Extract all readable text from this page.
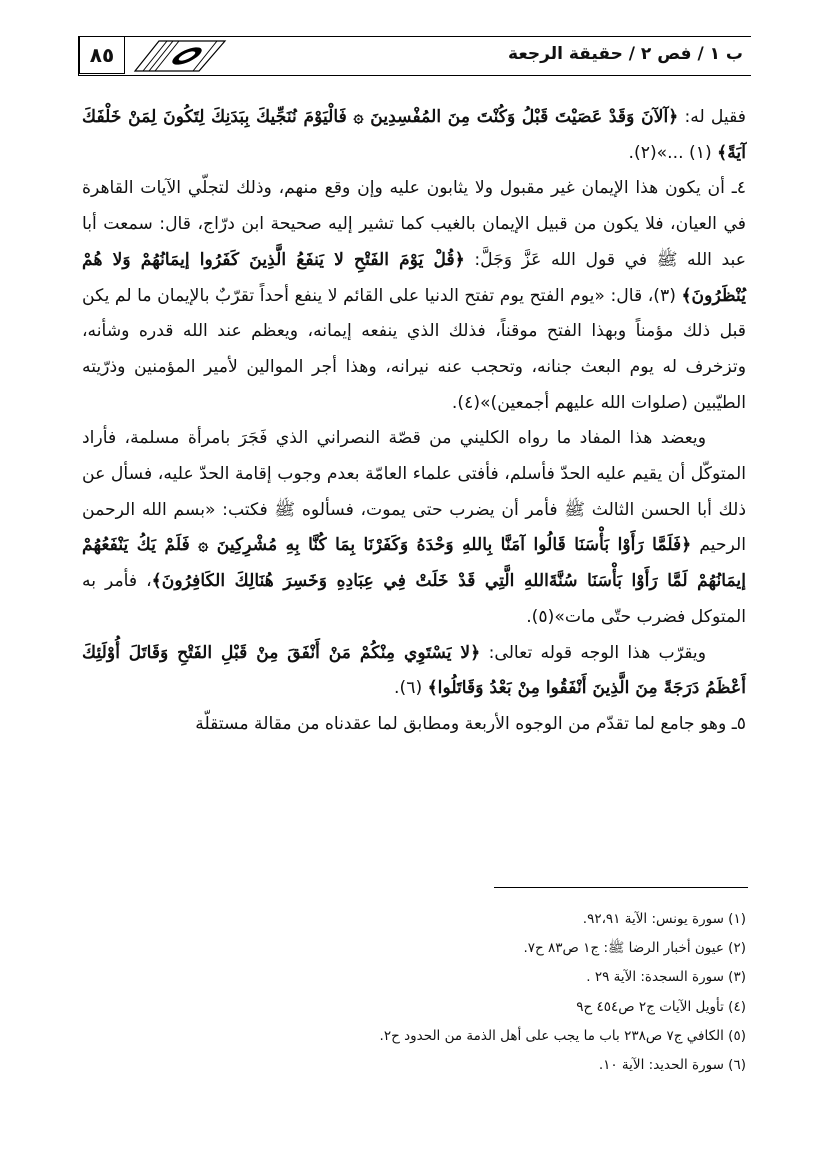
ب ١ / فص ٢ / حقيقة الرجعة
٨٥

فقيل له: ﴿آلآنَ وَقَدْ عَصَيْتَ قَبْلُ وَكُنْتَ مِنَ المُفْسِدِينَ ۞ فَالْيَوْمَ نُنَجِّيكَ بِبَدَنِكَ لِتَكُونَ لِمَنْ خَلْفَكَ آيَةً﴾ (١) ...»(٢).

٤ـ أن يكون هذا الإيمان غير مقبول ولا يثابون عليه وإن وقع منهم، وذلك لتجلّي الآيات القاهرة في العيان، فلا يكون من قبيل الإيمان بالغيب كما تشير إليه صحيحة ابن درّاج، قال: سمعت أبا عبد الله ﷺ في قول الله عَزَّ وَجَلَّ: ﴿قُلْ يَوْمَ الفَتْحِ لا يَنفَعُ الَّذِينَ كَفَرُوا إيمَانُهُمْ وَلا هُمْ يُنْظَرُونَ﴾ (٣)، قال: «يوم الفتح يوم تفتح الدنيا على القائم لا ينفع أحداً تقرّبٌ بالإيمان ما لم يكن قبل ذلك مؤمناً وبهذا الفتح موقناً، فذلك الذي ينفعه إيمانه، ويعظم عند الله قدره وشأنه، وتزخرف له يوم البعث جنانه، وتحجب عنه نيرانه، وهذا أجر الموالين لأمير المؤمنين وذرّيته الطيّبين (صلوات الله عليهم أجمعين)»(٤).

ويعضد هذا المفاد ما رواه الكليني من قصّة النصراني الذي فَجَرَ بامرأة مسلمة، فأراد المتوكّل أن يقيم عليه الحدّ فأسلم، فأفتى علماء العامّة بعدم وجوب إقامة الحدّ عليه، فسأل عن ذلك أبا الحسن الثالث ﷺ فأمر أن يضرب حتى يموت، فسألوه ﷺ فكتب: «بسم الله الرحمن الرحيم ﴿فَلَمَّا رَأَوْا بَأْسَنَا قَالُوا آمَنَّا بِاللهِ وَحْدَهُ وَكَفَرْنَا بِمَا كُنَّا بِهِ مُشْرِكِينَ ۞ فَلَمْ يَكُ يَنْفَعُهُمْ إيمَانُهُمْ لَمَّا رَأَوْا بَأْسَنَا سُنَّةَاللهِ الَّتِي قَدْ خَلَتْ فِي عِبَادِهِ وَخَسِرَ هُنَالِكَ الكَافِرُونَ﴾، فأمر به المتوكل فضرب حتّى مات»(٥).

ويقرّب هذا الوجه قوله تعالى: ﴿لا يَسْتَوِي مِنْكُمْ مَنْ أَنْفَقَ مِنْ قَبْلِ الفَتْحِ وَقَاتَلَ أُوْلَئِكَ أَعْظَمُ دَرَجَةً مِنَ الَّذِينَ أَنْفَقُوا مِنْ بَعْدُ وَقَاتَلُوا﴾ (٦).

٥ـ وهو جامع لما تقدّم من الوجوه الأربعة ومطابق لما عقدناه من مقالة مستقلّة

(١) سورة يونس: الآية ٩٢،٩١.
(٢) عيون أخبار الرضا ﷺ: ج١ ص٨٣ ح٧.
(٣) سورة السجدة: الآية ٢٩ .
(٤) تأويل الآيات ج٢ ص٤٥٤ ح٩
(٥) الكافي ج٧ ص٢٣٨ باب ما يجب على أهل الذمة من الحدود ح٢.
(٦) سورة الحديد: الآية ١٠.
